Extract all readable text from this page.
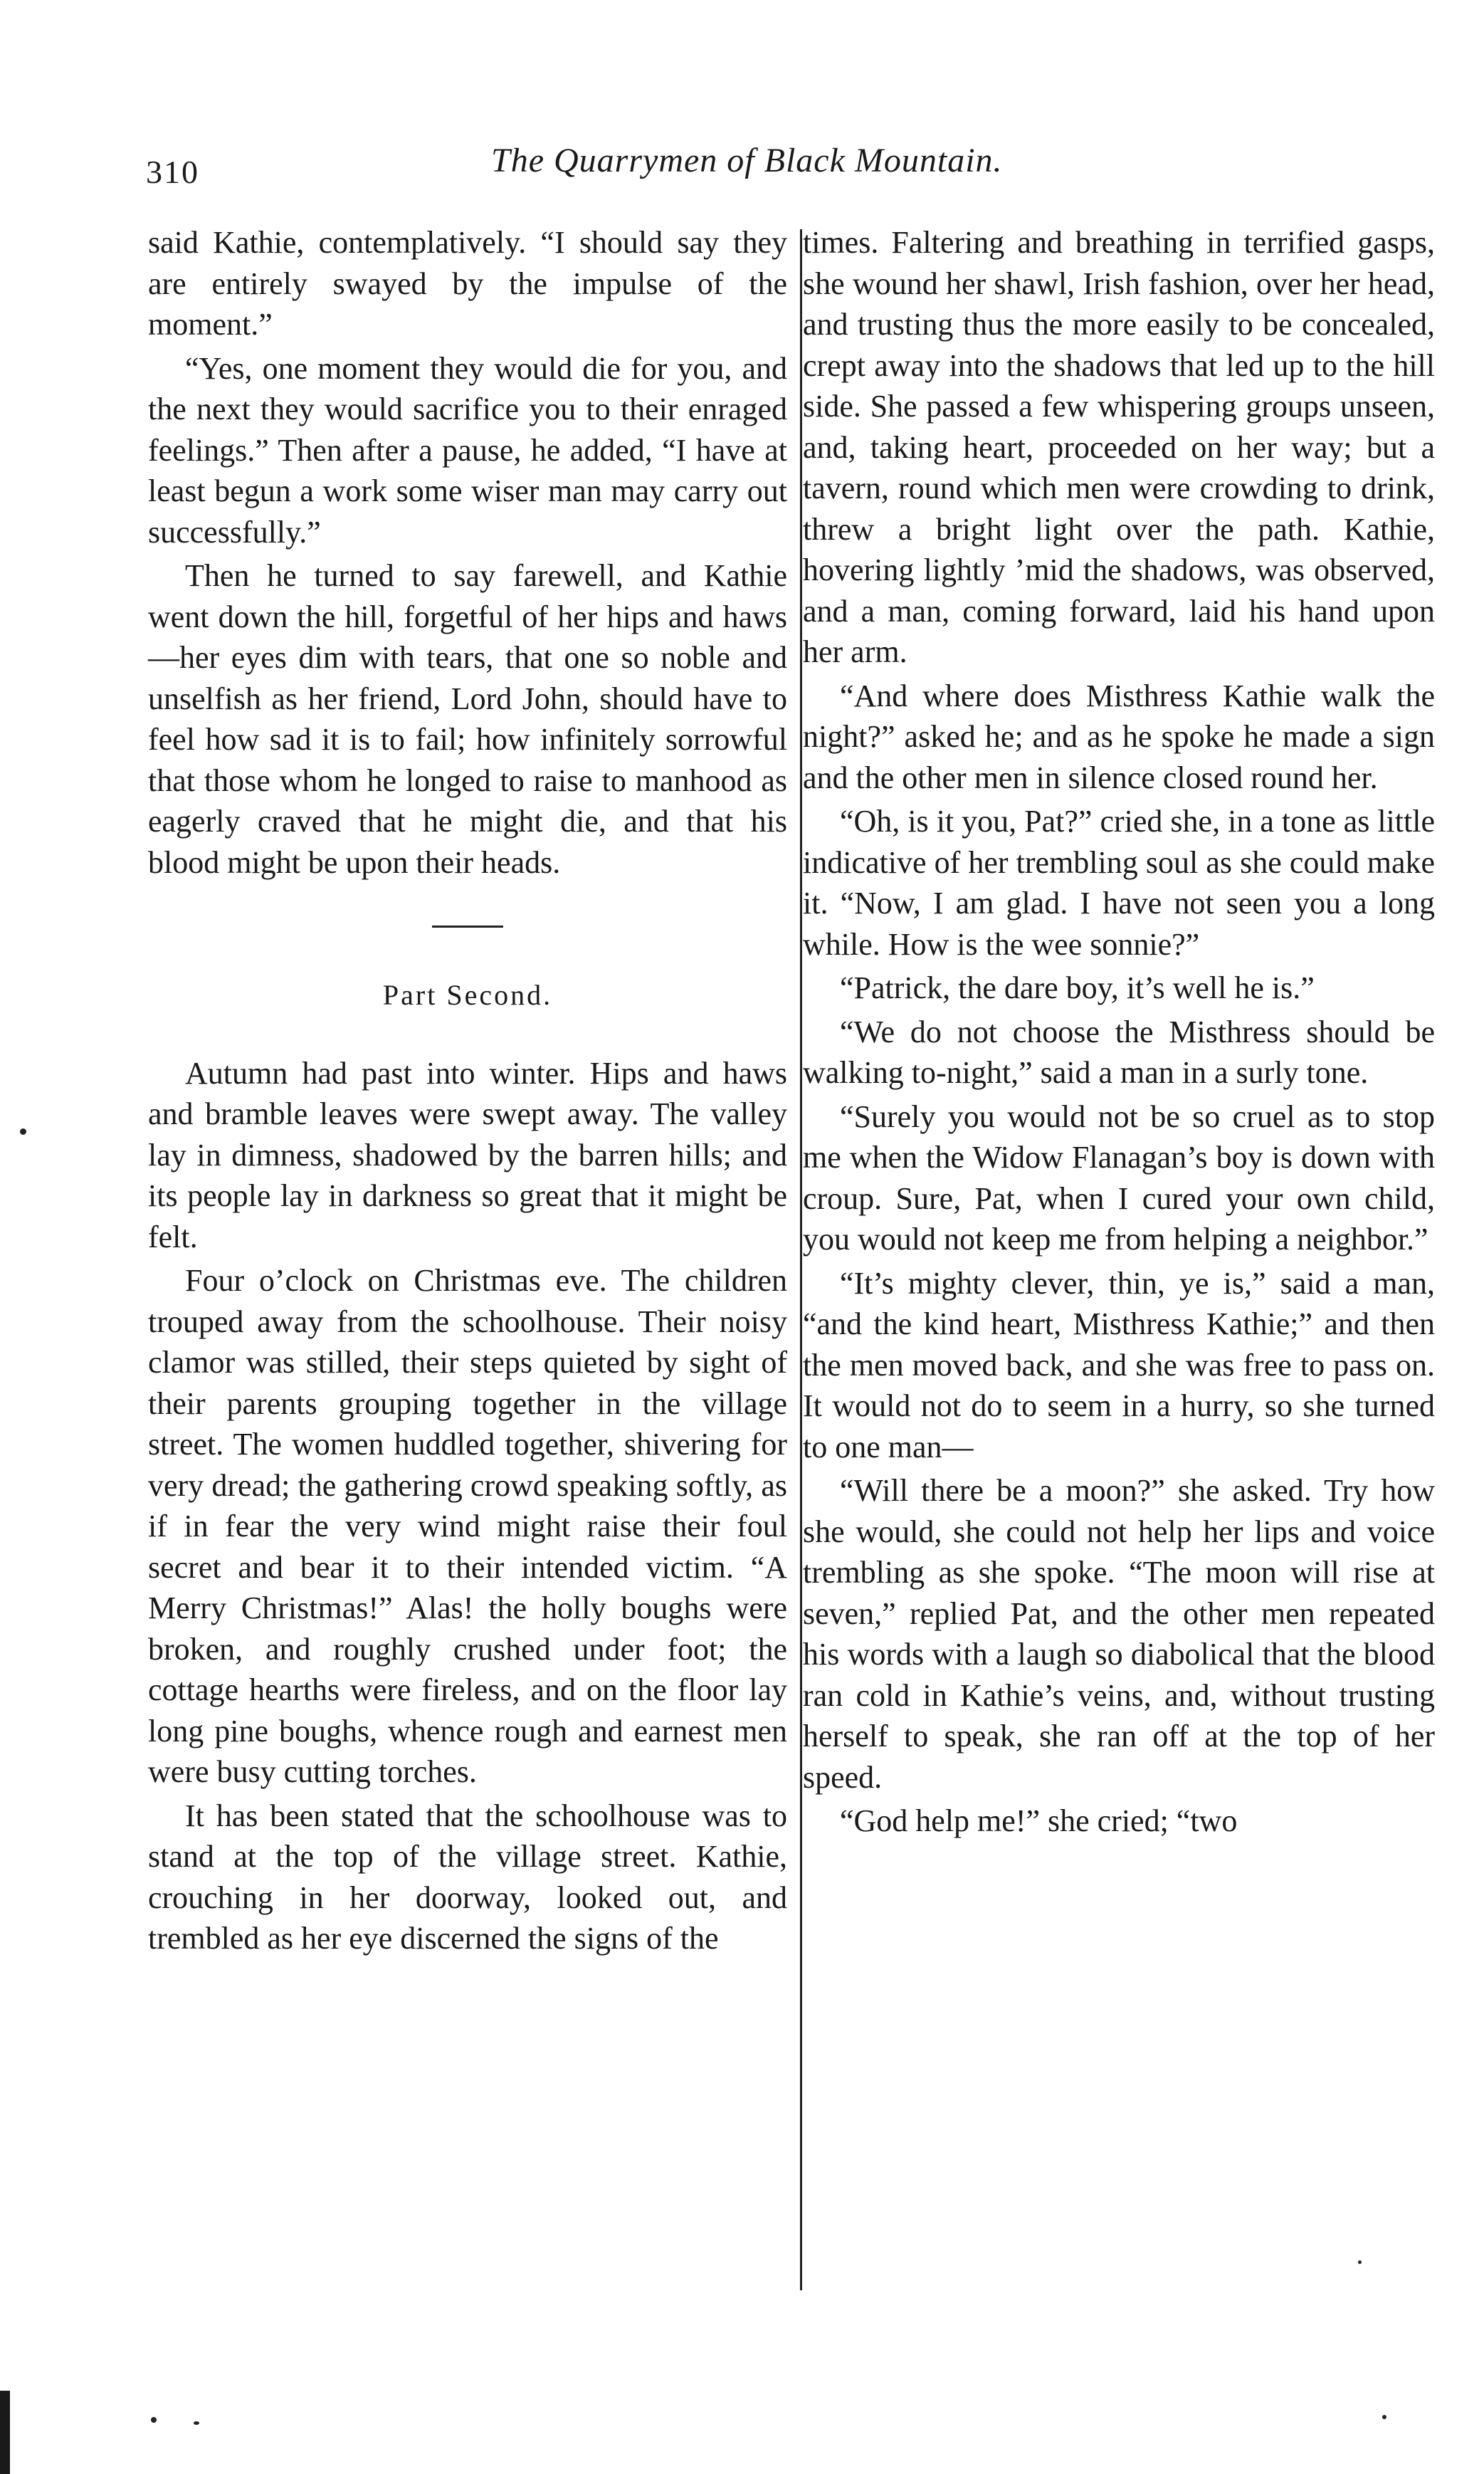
310	The Quarrymen of Black Mountain.

said Kathie, contemplatively. “I should say they are entirely swayed by the impulse of the moment.”

“Yes, one moment they would die for you, and the next they would sacrifice you to their enraged feelings.” Then after a pause, he added, “I have at least begun a work some wiser man may carry out successfully.”

Then he turned to say farewell, and Kathie went down the hill, forgetful of her hips and haws—her eyes dim with tears, that one so noble and unselfish as her friend, Lord John, should have to feel how sad it is to fail; how infinitely sorrowful that those whom he longed to raise to manhood as eagerly craved that he might die, and that his blood might be upon their heads.

Part Second.

Autumn had past into winter. Hips and haws and bramble leaves were swept away. The valley lay in dimness, shadowed by the barren hills; and its people lay in darkness so great that it might be felt.

Four o’clock on Christmas eve. The children trouped away from the schoolhouse. Their noisy clamor was stilled, their steps quieted by sight of their parents grouping together in the village street. The women huddled together, shivering for very dread; the gathering crowd speaking softly, as if in fear the very wind might raise their foul secret and bear it to their intended victim. “A Merry Christmas!” Alas! the holly boughs were broken, and roughly crushed under foot; the cottage hearths were fireless, and on the floor lay long pine boughs, whence rough and earnest men were busy cutting torches.

It has been stated that the schoolhouse was to stand at the top of the village street. Kathie, crouching in her doorway, looked out, and trembled as her eye discerned the signs of the

times. Faltering and breathing in terrified gasps, she wound her shawl, Irish fashion, over her head, and trusting thus the more easily to be concealed, crept away into the shadows that led up to the hill side. She passed a few whispering groups unseen, and, taking heart, proceeded on her way; but a tavern, round which men were crowding to drink, threw a bright light over the path. Kathie, hovering lightly ’mid the shadows, was observed, and a man, coming forward, laid his hand upon her arm.

“And where does Misthress Kathie walk the night?” asked he; and as he spoke he made a sign and the other men in silence closed round her.

“Oh, is it you, Pat?” cried she, in a tone as little indicative of her trembling soul as she could make it. “Now, I am glad. I have not seen you a long while. How is the wee sonnie?”

“Patrick, the dare boy, it’s well he is.”

“We do not choose the Misthress should be walking to-night,” said a man in a surly tone.

“Surely you would not be so cruel as to stop me when the Widow Flanagan’s boy is down with croup. Sure, Pat, when I cured your own child, you would not keep me from helping a neighbor.”

“It’s mighty clever, thin, ye is,” said a man, “and the kind heart, Misthress Kathie;” and then the men moved back, and she was free to pass on. It would not do to seem in a hurry, so she turned to one man—

“Will there be a moon?” she asked. Try how she would, she could not help her lips and voice trembling as she spoke. “The moon will rise at seven,” replied Pat, and the other men repeated his words with a laugh so diabolical that the blood ran cold in Kathie’s veins, and, without trusting herself to speak, she ran off at the top of her speed.

“God help me!” she cried; “two
